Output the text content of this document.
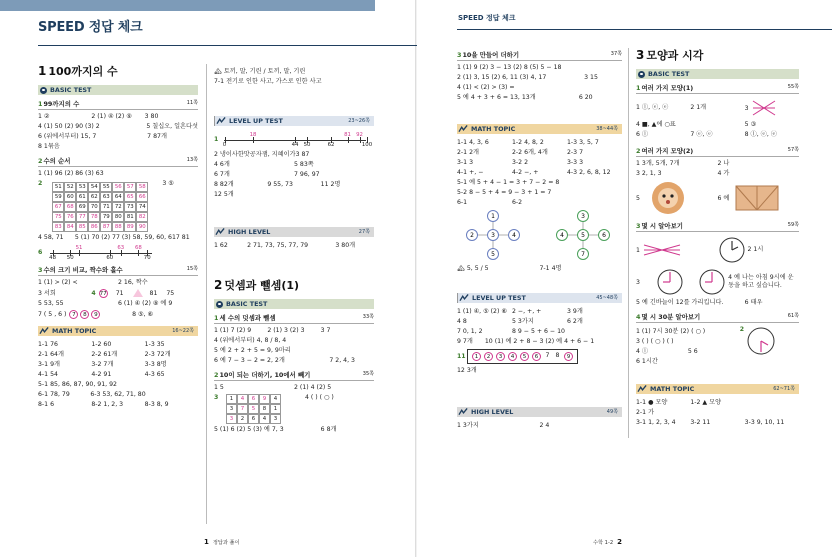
SPEED 정답 체크
1 100까지의 수
BASIC TEST
199까지의 수	11쪽
1 ②	2 (1) ④ (2) ⑨	3 80
4 (1) 50 (2) 90 (3) 2	5 칠십오, 일흔다섯
6 (위에서부터) 15, 7	7 87개
8 1묶음
2수의 순서	13쪽
1 (1) 96 (2) 86 (3) 63
2	51 52 53 54 55 56 57 58
59 60 61 62 63 64 65 66
67 68 69 70 71 72 73 74
75 76 77 78 79 80 81 82
83 84 85 86 87 88 89 90
3 ⑤
4 58, 71	5 (1) 70 (2) 77 (3) 58, 59, 60, 61 7 81
6
48
51
50	60
63 68
70
3수의 크기 비교, 짝수와 홀수	15쪽
1 (1) > (2) <	2 16, 짝수
3 서희	4 77 71	81 75
5 53, 55	6 (1) ④ (2) ⑧ 예 9
7 ( 5 , 6 ) 7 8 9	8 ⑤, ⑥
MATH TOPIC	16~22쪽
1-1 76	1-2 60	1-3 35
2-1 64개	2-2 61개	2-3 72개
3-1 9개	3-2 7개	3-3 8명
4-1 54	4-2 91	4-3 65
5-1 85, 86, 87, 90, 91, 92
6-1 78, 79	6-3 53, 62, 71, 80
8-1 6	8-2 1, 2, 3	8-3 8, 9
🏔 토끼, 말, 기린 / 토끼, 말, 기린
7-1 전기로 인한 사고, 가스로 인한 사고
LEVEL UP TEST	23~26쪽
1
0
18
44 50	62
81 92
100
2 냉이사한맛공자잼, 지혜이가 3 87
4 6개	5 83쪽
6 7개	7 96, 97
8 82개	9 55, 73	11 2명
12 5개
HIGH LEVEL	27쪽
1 62	2 71, 73, 75, 77, 79	3 80개
2 덧셈과 뺄셈(1)
BASIC TEST
1세 수의 덧셈과 뺄셈	33쪽
1 (1) 7 (2) 9	2 (1) 3 (2) 3	3 7
4 (위에서부터) 4, 8 / 8, 4
5 예 2 + 2 + 5 = 9, 9마리
6 예 7 − 3 − 2 = 2, 2개	7 2, 4, 3
210이 되는 더하기, 10에서 빼기	35쪽
1 5	2 (1) 4 (2) 5
3	1	4	6	9	4
3	7	5	8	1
3	2	6	4	3
4 ( ) ( ○ )
5 (1) 6 (2) 5 (3) 예 7, 3	6 8개
1 정답과 풀이
SPEED 정답 체크
310을 만들어 더하기	37쪽
1 (1) 9 (2) 3 − 13 (2) 8 (5) 5 − 18
2 (1) 3, 15 (2) 6, 11 (3) 4, 17	3 15
4 (1) < (2) > (3) =
5 예 4 + 3 + 6 = 13, 13개	6 20
MATH TOPIC	38~44쪽
1-1 4, 3, 6	1-2 4, 8, 2	1-3 3, 5, 7
2-1 2개	2-2 6개, 4개	2-3 7
3-1 3	3-2 2	3-3 3
4-1 +, −	4-2 −, +	4-3 2, 6, 8, 12
5-1 예 5 + 4 − 1 = 3 + 7 − 2 = 8
5-2 8 − 5 + 4 = 9 − 3 + 1 = 7
6-1	6-2
1
2	3	4
5
3
4	5	6
7
🏔 5, 5 / 5	7-1 4명
LEVEL UP TEST	45~48쪽
1 (1) ④, ⑤ (2) ⑥ 2 −, +, +	3 9개
4 8	5 3가지	6 2개
7 0, 1, 2	8 9 − 5 + 6 − 10
9 7개	10 (1) 예 2 + 8 − 3 (2) 예 4 + 6 − 1
11	1	2	3	4	5	6	7 8	9
12 3개
HIGH LEVEL	49쪽
1 3가지	2 4
3 모양과 시각
BASIC TEST
1여러 가지 모양(1)	55쪽
1 ⓛ, ⓔ, ⓔ	2 1개	3
4 ■, ▲에 ○표	5 ③
6 ⓛ	7 ⓔ, ⓔ	8 ⓛ, ⓔ, ⓔ
2여러 가지 모양(2)	57쪽
1 3개, 5개, 7개	2 나
3 2, 1, 3	4 가
5	6 예
3몇 시 알아보기	59쪽
1	2 1시
3
4 예 나는 아침 9시에 운동을 하고 싶습니다.
5 예 긴바늘이 12를 가리킵니다.	6 태우
4몇 시 30분 알아보기	61쪽
1 (1) 7시 30분 (2) ( ○ )
3 ( ) ( ○ ) ( )
4 ⓛ	5 6
6 1시간
2
MATH TOPIC	62~71쪽
1-1 ● 모양	1-2 ▲ 모양
2-1 가
3-1 1, 2, 3, 4	3-2 11	3-3 9, 10, 11
수학 1-2 2
